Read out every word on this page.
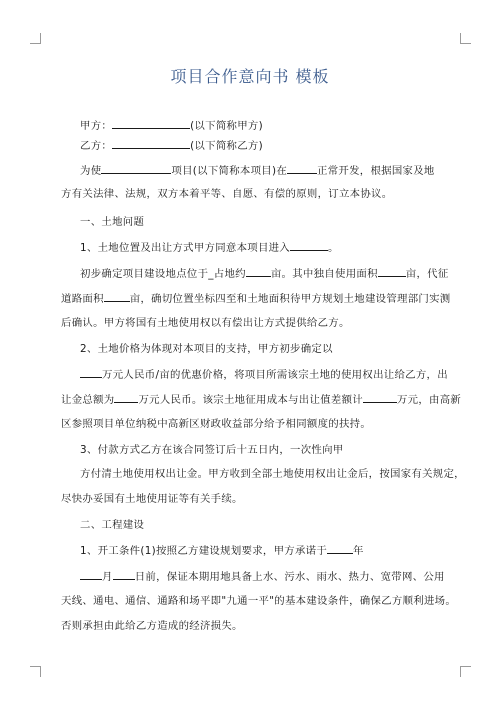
项目合作意向书 模板
甲方：	(以下简称甲方)
乙方：	(以下简称乙方)
为使	项目(以下简称本项目)在	正常开发，根据国家及地
方有关法律、法规，双方本着平等、自愿、有偿的原则，订立本协议。
一、土地问题
1、土地位置及出让方式甲方同意本项目进入	。
初步确定项目建设地点位于_占地约 亩。其中独自使用面积	亩，代征
道路面积	亩，确切位置坐标四至和土地面积待甲方规划土地建设管理部门实测
后确认。甲方将国有土地使用权以有偿出让方式提供给乙方。
2、土地价格为体现对本项目的支持，甲方初步确定以
万元人民币/亩的优惠价格，将项目所需该宗土地的使用权出让给乙方，出
让金总额为 万元人民币。该宗土地征用成本与出让值差额计	万元，由高新
区参照项目单位纳税中高新区财政收益部分给予相同额度的扶持。
3、付款方式乙方在该合同签订后十五日内，一次性向甲
方付清土地使用权出让金。甲方收到全部土地使用权出让金后，按国家有关规定，
尽快办妥国有土地使用证等有关手续。
二、工程建设
1、开工条件(1)按照乙方建设规划要求，甲方承诺于	年
月 日前，保证本期用地具备上水、污水、雨水、热力、宽带网、公用
天线、通电、通信、通路和场平即"九通一平"的基本建设条件，确保乙方顺利进场。
否则承担由此给乙方造成的经济损失。
